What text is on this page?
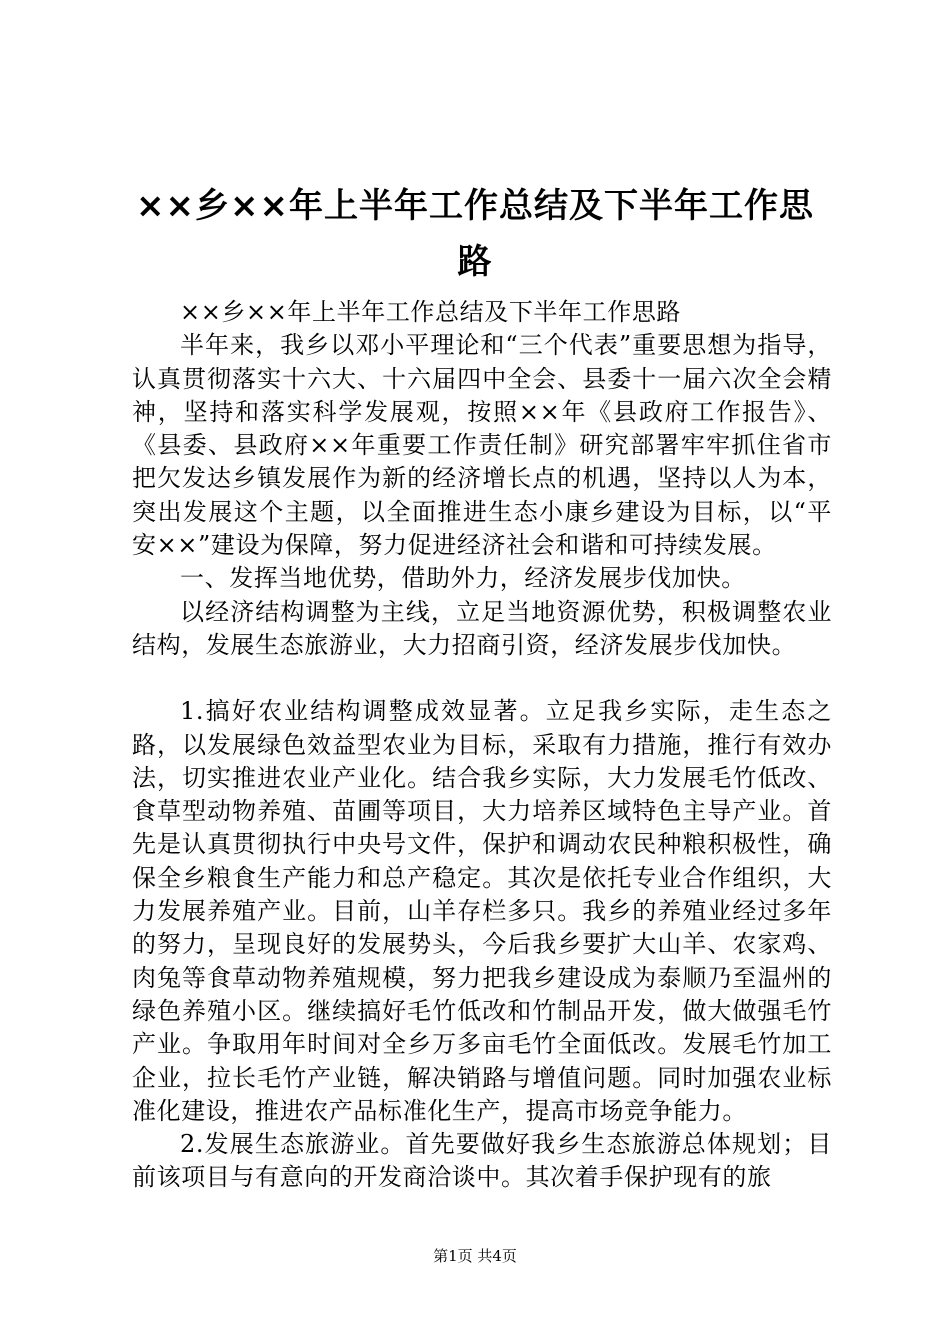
××乡××年上半年工作总结及下半年工作思路

××乡××年上半年工作总结及下半年工作思路

半年来，我乡以邓小平理论和“三个代表”重要思想为指导，认真贯彻落实十六大、十六届四中全会、县委十一届六次全会精神，坚持和落实科学发展观，按照××年《县政府工作报告》、《县委、县政府××年重要工作责任制》研究部署牢牢抓住省市把欠发达乡镇发展作为新的经济增长点的机遇，坚持以人为本，突出发展这个主题，以全面推进生态小康乡建设为目标，以“平安××”建设为保障，努力促进经济社会和谐和可持续发展。

一、发挥当地优势，借助外力，经济发展步伐加快。

以经济结构调整为主线，立足当地资源优势，积极调整农业结构，发展生态旅游业，大力招商引资，经济发展步伐加快。

1.搞好农业结构调整成效显著。立足我乡实际，走生态之路，以发展绿色效益型农业为目标，采取有力措施，推行有效办法，切实推进农业产业化。结合我乡实际，大力发展毛竹低改、食草型动物养殖、苗圃等项目，大力培养区域特色主导产业。首先是认真贯彻执行中央号文件，保护和调动农民种粮积极性，确保全乡粮食生产能力和总产稳定。其次是依托专业合作组织，大力发展养殖产业。目前，山羊存栏多只。我乡的养殖业经过多年的努力，呈现良好的发展势头，今后我乡要扩大山羊、农家鸡、肉兔等食草动物养殖规模，努力把我乡建设成为泰顺乃至温州的绿色养殖小区。继续搞好毛竹低改和竹制品开发，做大做强毛竹产业。争取用年时间对全乡万多亩毛竹全面低改。发展毛竹加工企业，拉长毛竹产业链，解决销路与增值问题。同时加强农业标准化建设，推进农产品标准化生产，提高市场竞争能力。

2.发展生态旅游业。首先要做好我乡生态旅游总体规划；目前该项目与有意向的开发商洽谈中。其次着手保护现有的旅

第1页 共4页
